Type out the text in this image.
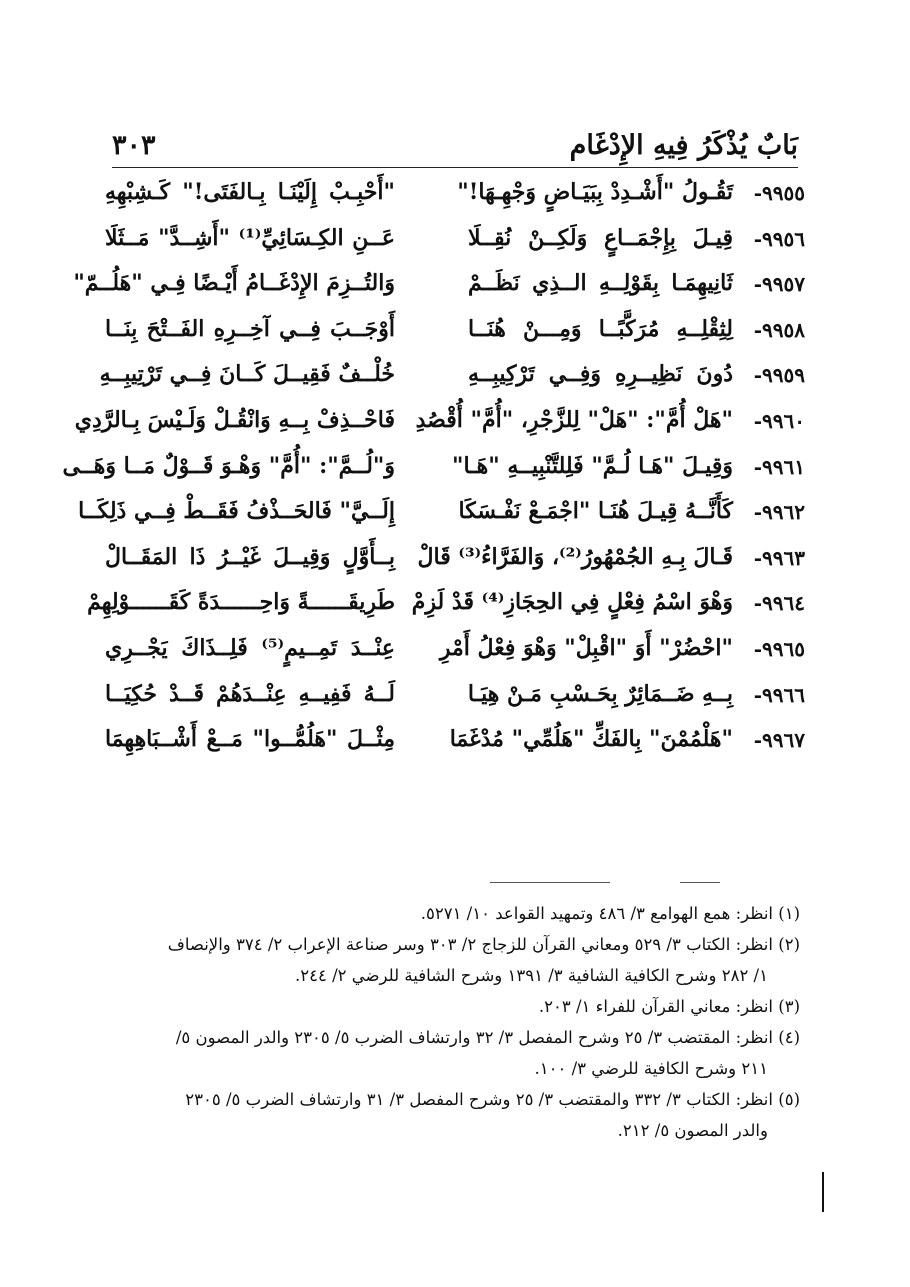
بَابٌ يُذْكَرُ فِيهِ الإِدْغَام
٣٠٣
٩٩٥٥-
تَقُـولُ "أَشْـدِدْ بِبَيَـاضٍ وَجْهِـهَا!"
"أَحْبِـبْ إِلَيْنَـا بِـالفَتَى!" كَـشِبْهِهِ
٩٩٥٦-
قِيـلَ بِإِجْمَــاعٍ وَلَكِــنْ نُقِــلَا
عَــنِ الكِـسَائِيِّ⁽¹⁾ "أَشِــدَّ" مَــثَلَا
٩٩٥٧-
ثَانِيهِمَـا بِقَوْلِــهِ الــذِي نَظَــمْ
وَالتُــزِمَ الإِدْغَــامُ أَيْـضًا فِـي "هَلُــمّ"
٩٩٥٨-
لِثِقْلِــهِ مُرَكَّبًــا وَمِـــنْ هُنَــا
أَوْجَــبَ فِــي آخِــرِهِ الفَــتْحَ بِنَــا
٩٩٥٩-
دُونَ نَظِيــرِهِ وَفِــي تَرْكِيبِــهِ
خُلْــفٌ فَقِيــلَ كَــانَ فِــي تَرْتِيبِــهِ
٩٩٦٠-
"هَلْ أُمَّ": "هَلْ" لِلزَّجْرِ، "أُمَّ" أُقْصُدِ
فَاحْــذِفْ بِــهِ وَانْقُـلْ وَلَـيْسَ بِـالرَّدِي
٩٩٦١-
وَقِيـلَ "هَـا لُـمَّ" فَلِلتَّنْبِيــهِ "هَـا"
وَ"لُــمَّ": "أُمَّ" وَهْـوَ قَــوْلٌ مَــا وَهَــى
٩٩٦٢-
كَأَنَّــهُ قِيـلَ هُنَـا "اجْمَـعْ نَفْـسَكَا
إِلَــيَّ" فَالحَــذْفُ فَقَــطْ فِــي ذَلِكَــا
٩٩٦٣-
قَـالَ بِـهِ الجُمْهُورُ⁽²⁾، وَالفَرَّاءُ⁽³⁾ قَالْ
بِــأَوَّلٍ وَقِيــلَ غَيْــرُ ذَا المَقَــالْ
٩٩٦٤-
وَهْوَ اسْمُ فِعْلٍ فِي الحِجَازِ⁽⁴⁾ قَدْ لَزِمْ
طَرِيقَــــــةً وَاحِــــــدَةً كَقَــــــوْلِهِمْ
٩٩٦٥-
"احْضُرْ" أَوَ "اقْبِلْ" وَهْوَ فِعْلُ أَمْرِ
عِنْــدَ تَمِــيمٍ⁽⁵⁾ فَلِــذَاكَ يَجْــرِي
٩٩٦٦-
بِــهِ ضَــمَائِرٌ بِحَـسْبِ مَـنْ هِيَـا
لَــهُ فَفِيــهِ عِنْــدَهُمْ قَــدْ حُكِيَــا
٩٩٦٧-
"هَلْمُمْنَ" بِالفَكِّ "هَلُمِّي" مُدْغَمَا
مِثْــلَ "هَلُمُّــوا" مَــعْ أَشْــبَاهِهِمَا
(١) انظر: همع الهوامع ٣/ ٤٨٦ وتمهيد القواعد ١٠/ ٥٢٧١.
(٢) انظر: الكتاب ٣/ ٥٢٩ ومعاني القرآن للزجاج ٢/ ٣٠٣ وسر صناعة الإعراب ٢/ ٣٧٤ والإنصاف
١/ ٢٨٢ وشرح الكافية الشافية ٣/ ١٣٩١ وشرح الشافية للرضي ٢/ ٢٤٤.
(٣) انظر: معاني القرآن للفراء ١/ ٢٠٣.
(٤) انظر: المقتضب ٣/ ٢٥ وشرح المفصل ٣/ ٣٢ وارتشاف الضرب ٥/ ٢٣٠٥ والدر المصون ٥/
٢١١ وشرح الكافية للرضي ٣/ ١٠٠.
(٥) انظر: الكتاب ٣/ ٣٣٢ والمقتضب ٣/ ٢٥ وشرح المفصل ٣/ ٣١ وارتشاف الضرب ٥/ ٢٣٠٥
والدر المصون ٥/ ٢١٢.
